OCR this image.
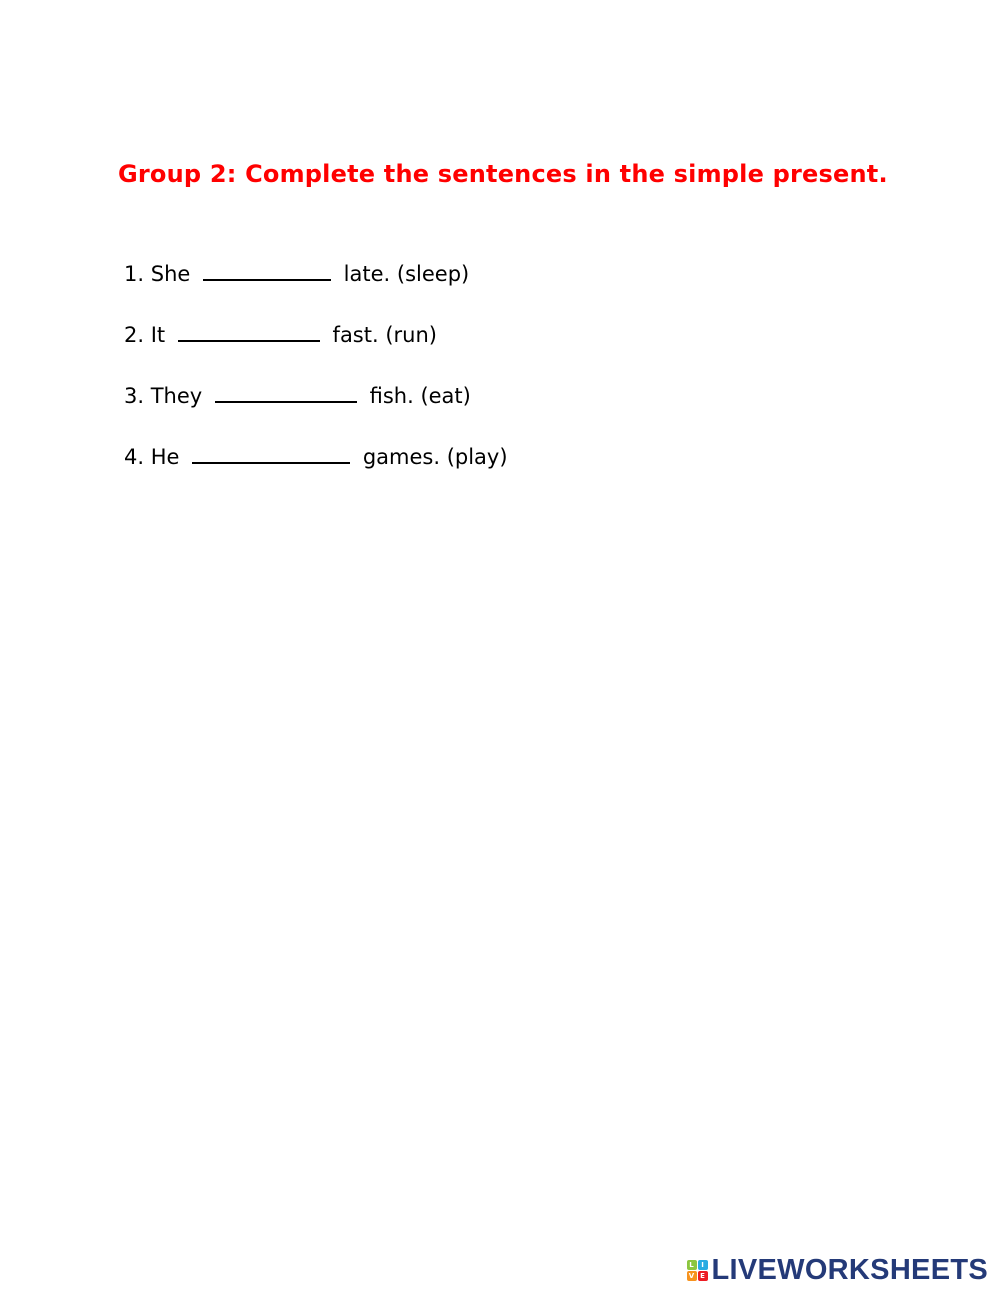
Group 2: Complete the sentences in the simple present.
1. She	late. (sleep)
2. It	fast. (run)
3. They	fish. (eat)
4. He	games. (play)
L	I
V E LIVEWORKSHEETS
